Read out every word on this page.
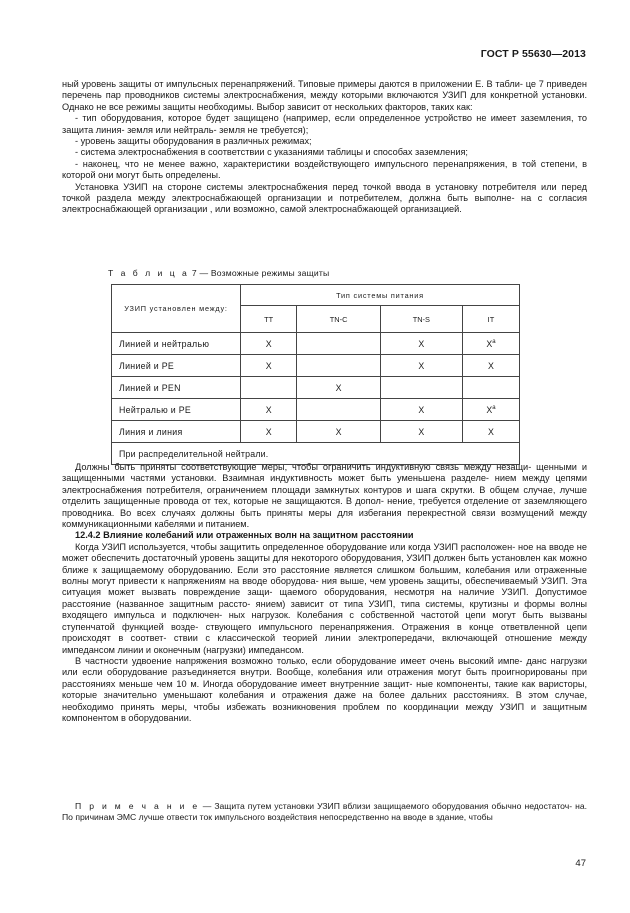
ГОСТ Р 55630—2013

ный уровень защиты от импульсных перенапряжений. Типовые примеры даются в приложении Е. В табли- це 7 приведен перечень пар проводников системы электроснабжения, между которыми включаются УЗИП для конкретной установки. Однако не все режимы защиты необходимы. Выбор зависит от нескольких факторов, таких как:

- тип оборудования, которое будет защищено (например, если определенное устройство не имеет заземления, то защита линия- земля или нейтраль- земля не требуется);

- уровень защиты оборудования в различных режимах;

- система электроснабжения в соответствии с указаниями таблицы и способах заземления;

- наконец, что не менее важно, характеристики воздействующего импульсного перенапряжения, в той степени, в которой они могут быть определены.

Установка УЗИП на стороне системы электроснабжения перед точкой ввода в установку потребителя или перед точкой раздела между электроснабжающей организации и потребителем, должна быть выполне- на с согласия электроснабжающей организации , или возможно, самой электроснабжающей организацией.

Т а б л и ц а 7 — Возможные режимы защиты
УЗИП установлен между:	Тип системы питания			
	TT	TN-C	TN-S	IT
Линией и нейтралью	X		X	$X^а$
Линией и PE	X		X	X
Линией и PEN		X		
Нейтралью и PE	X		X	$X^а$
Линия и линия	X	X	X	X
При распределительной нейтрали.				

Должны быть приняты соответствующие меры, чтобы ограничить индуктивную связь между незащи- щенными и защищенными частями установки. Взаимная индуктивность может быть уменьшена разделе- нием между цепями электроснабжения потребителя, ограничением площади замкнутых контуров и шага скрутки. В общем случае, лучше отделить защищенные провода от тех, которые не защищаются. В допол- нение, требуется отделение от заземляющего проводника. Во всех случаях должны быть приняты меры для избегания перекрестной связи возмущений между коммуникационными кабелями и питанием.

12.4.2 Влияние колебаний или отраженных волн на защитном расстоянии

Когда УЗИП используется, чтобы защитить определенное оборудование или когда УЗИП расположен- ное на вводе не может обеспечить достаточный уровень защиты для некоторого оборудования, УЗИП должен быть установлен как можно ближе к защищаемому оборудованию. Если это расстояние является слишком большим, колебания или отраженные волны могут привести к напряжениям на вводе оборудова- ния выше, чем уровень защиты, обеспечиваемый УЗИП. Эта ситуация может вызвать повреждение защи- щаемого оборудования, несмотря на наличие УЗИП. Допустимое расстояние (названное защитным рассто- янием) зависит от типа УЗИП, типа системы, крутизны и формы волны входящего импульса и подключен- ных нагрузок. Колебания с собственной частотой цепи могут быть вызваны ступенчатой функцией возде- ствующего импульсного перенапряжения. Отражения в конце ответвленной цепи происходят в соответ- ствии с классической теорией линии электропередачи, включающей отношение между импедансом линии и оконечным (нагрузки) импедансом.

В частности удвоение напряжения возможно только, если оборудование имеет очень высокий импе- данс нагрузки или если оборудование разъединяется внутри. Вообще, колебания или отражения могут быть проигнорированы при расстояниях меньше чем 10 м. Иногда оборудование имеет внутренние защит- ные компоненты, такие как варисторы, которые значительно уменьшают колебания и отражения даже на более дальних расстояниях. В этом случае, необходимо принять меры, чтобы избежать возникновения проблем по координации между УЗИП и защитным компонентом в оборудовании.

П р и м е ч а н и е — Защита путем установки УЗИП вблизи защищаемого оборудования обычно недостаточ- на. По причинам ЭМС лучше отвести ток импульсного воздействия непосредственно на вводе в здание, чтобы

47
